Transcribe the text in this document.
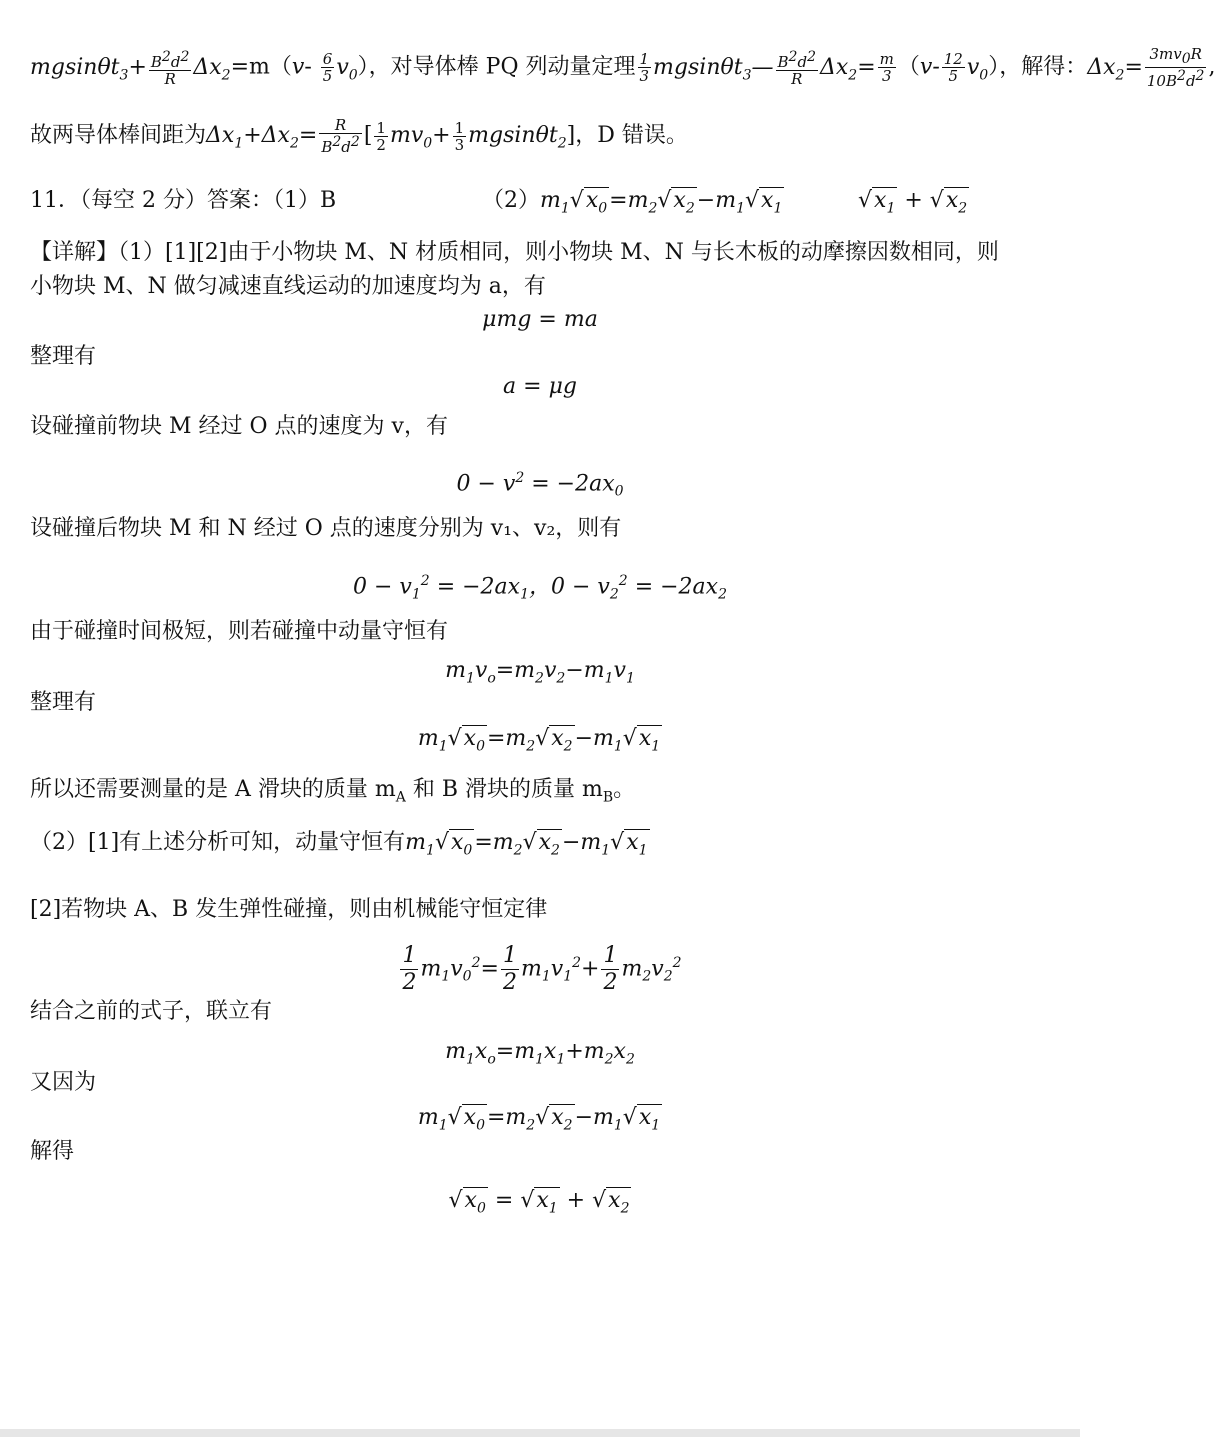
$mgsin\theta t_3+ \frac{B^2d^2}{R} \Delta x_2=m(v- \frac{6}{5} v_0)$，对导体棒 PQ 列动量定理 $\frac{1}{3}$ mgsinθt$_3$— $\frac{B^2d^2}{R} \Delta x_2= \frac{m}{3} (v- \frac{12}{5} v_0)$，解得：$\Delta x_2= \frac{3mv_0R}{10B^2d^2}$ ,
故两导体棒间距为$\Delta x_1+\Delta x_2= \frac{R}{B^2d^2}$ [ $\frac{1}{2} mv_0+ \frac{1}{3} mgsin\theta t_2$]，D 错误。
11．（每空 2 分）答案：（1）B	$(2)m_1√x_0=m_2√x_2-m_1√x_1$	$√x_1 + √x_2$
【详解】（1）[1][2]由于小物块 M、N 材质相同，则小物块 M、N 与长木板的动摩擦因数相同，则
小物块 M、N 做匀减速直线运动的加速度均为 a，有
μmg = ma
整理有
a = μg
设碰撞前物块 M 经过 O 点的速度为 v，有
$0 - v^2 = -2ax_0$
设碰撞后物块 M 和 N 经过 O 点的速度分别为 v₁、v₂，则有
$0 - v_1^2 = -2ax_1$，$0 - v_2^2 = -2ax_2$
由于碰撞时间极短，则若碰撞中动量守恒有
$m_1v_o=m_2v_2-m_1v_1$
整理有
$m_1√x_0=m_2√x_2-m_1√x_1$
所以还需要测量的是 A 滑块的质量 $m_A$ 和 B 滑块的质量 $m_B$。
（2）[1]有上述分析可知，动量守恒有$m_1√x_0=m_2√x_2-m_1√x_1$
[2]若物块 A、B 发生弹性碰撞，则由机械能守恒定律
$\frac{1}{2} m_1v_0^2= \frac{1}{2} m_1v_1^2+ \frac{1}{2} m_2v_2^2$
结合之前的式子，联立有
$m_1x_o=m_1x_1+m_2x_2$
又因为
$m_1√x_0=m_2√x_2-m_1√x_1$
解得
$√x_0 = √x_1 + √x_2$
